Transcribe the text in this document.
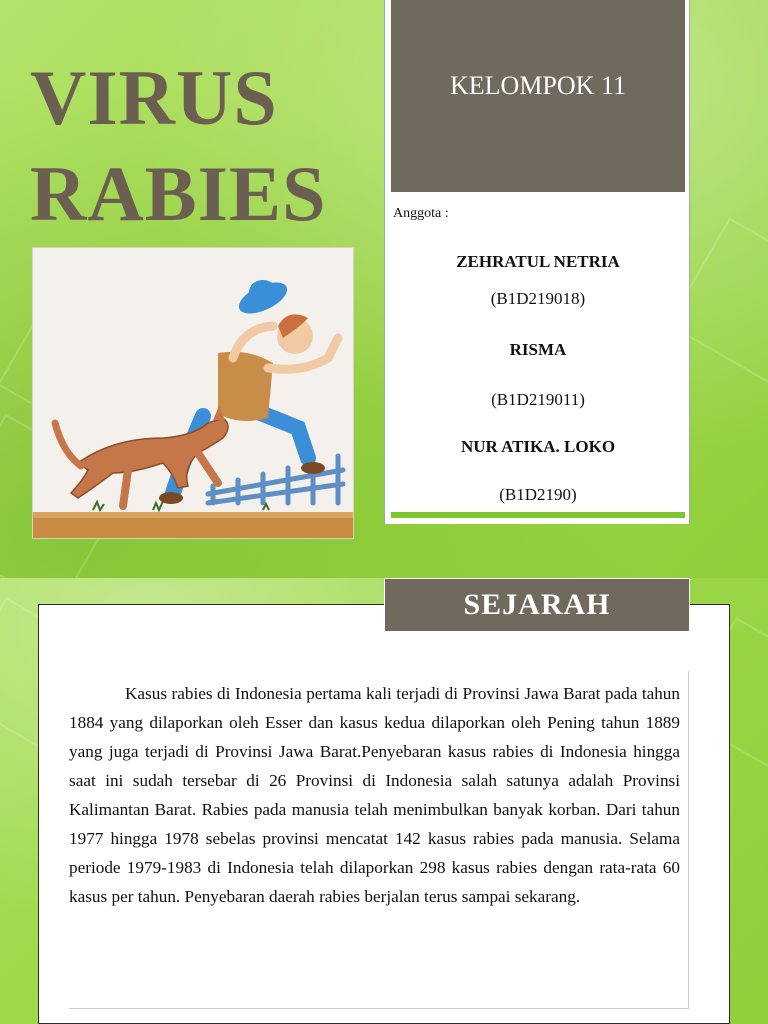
VIRUS
RABIES
KELOMPOK 11
Anggota :
ZEHRATUL NETRIA
(B1D219018)
RISMA
(B1D219011)
NUR ATIKA. LOKO
(B1D2190)

Kasus rabies di Indonesia pertama kali terjadi di Provinsi Jawa Barat pada tahun 1884 yang dilaporkan oleh Esser dan kasus kedua dilaporkan oleh Pening tahun 1889 yang juga terjadi di Provinsi Jawa Barat.Penyebaran kasus rabies di Indonesia hingga saat ini sudah tersebar di 26 Provinsi di Indonesia salah satunya adalah Provinsi Kalimantan Barat. Rabies pada manusia telah menimbulkan banyak korban. Dari tahun 1977 hingga 1978 sebelas provinsi mencatat 142 kasus rabies pada manusia. Selama periode 1979-1983 di Indonesia telah dilaporkan 298 kasus rabies dengan rata-rata 60 kasus per tahun. Penyebaran daerah rabies berjalan terus sampai sekarang.

SEJARAH
